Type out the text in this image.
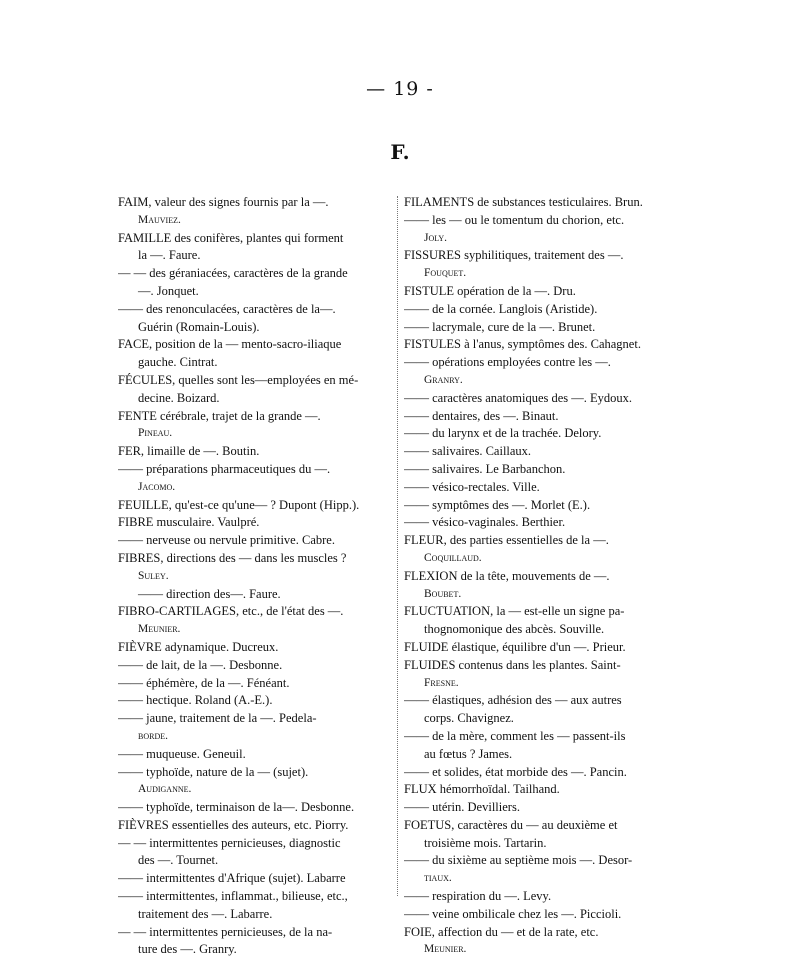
— 19 -
F.
FAIM, valeur des signes fournis par la —.
Mauviez.
FAMILLE des conifères, plantes qui forment
la —. Faure.
— — des géraniacées, caractères de la grande
—. Jonquet.
—— des renonculacées, caractères de la—.
Guérin (Romain-Louis).
FACE, position de la — mento-sacro-iliaque
gauche. Cintrat.
FÉCULES, quelles sont les—employées en mé-
decine. Boizard.
FENTE cérébrale, trajet de la grande —.
Pineau.
FER, limaille de —. Boutin.
—— préparations pharmaceutiques du —.
Jacomo.
FEUILLE, qu'est-ce qu'une— ? Dupont (Hipp.).
FIBRE musculaire. Vaulpré.
—— nerveuse ou nervule primitive. Cabre.
FIBRES, directions des — dans les muscles ?
Suley.
—— direction des—. Faure.
FIBRO-CARTILAGES, etc., de l'état des —.
Meunier.
FIÈVRE adynamique. Ducreux.
—— de lait, de la —. Desbonne.
—— éphémère, de la —. Fénéant.
—— hectique. Roland (A.-E.).
—— jaune, traitement de la —. Pedela-
borde.
—— muqueuse. Geneuil.
—— typhoïde, nature de la — (sujet).
Audiganne.
—— typhoïde, terminaison de la—. Desbonne.
FIÈVRES essentielles des auteurs, etc. Piorry.
— — intermittentes pernicieuses, diagnostic
des —. Tournet.
—— intermittentes d'Afrique (sujet). Labarre
—— intermittentes, inflammat., bilieuse, etc.,
traitement des —. Labarre.
— — intermittentes pernicieuses, de la na-
ture des —. Granry.
FILAMENTS de substances testiculaires. Brun.
—— les — ou le tomentum du chorion, etc.
Joly.
FISSURES syphilitiques, traitement des —.
Fouquet.
FISTULE opération de la —. Dru.
—— de la cornée. Langlois (Aristide).
—— lacrymale, cure de la —. Brunet.
FISTULES à l'anus, symptômes des. Cahagnet.
—— opérations employées contre les —.
Granry.
—— caractères anatomiques des —. Eydoux.
—— dentaires, des —. Binaut.
—— du larynx et de la trachée. Delory.
—— salivaires. Caillaux.
—— salivaires. Le Barbanchon.
—— vésico-rectales. Ville.
—— symptômes des —. Morlet (E.).
—— vésico-vaginales. Berthier.
FLEUR, des parties essentielles de la —.
Coquillaud.
FLEXION de la tête, mouvements de —.
Boubet.
FLUCTUATION, la — est-elle un signe pa-
thognomonique des abcès. Souville.
FLUIDE élastique, équilibre d'un —. Prieur.
FLUIDES contenus dans les plantes. Saint-
Fresne.
—— élastiques, adhésion des — aux autres
corps. Chavignez.
—— de la mère, comment les — passent-ils
au fœtus ? James.
—— et solides, état morbide des —. Pancin.
FLUX hémorrhoïdal. Tailhand.
—— utérin. Devilliers.
FOETUS, caractères du — au deuxième et
troisième mois. Tartarin.
—— du sixième au septième mois —. Desor-
tiaux.
—— respiration du —. Levy.
—— veine ombilicale chez les —. Piccioli.
FOIE, affection du — et de la rate, etc.
Meunier.
